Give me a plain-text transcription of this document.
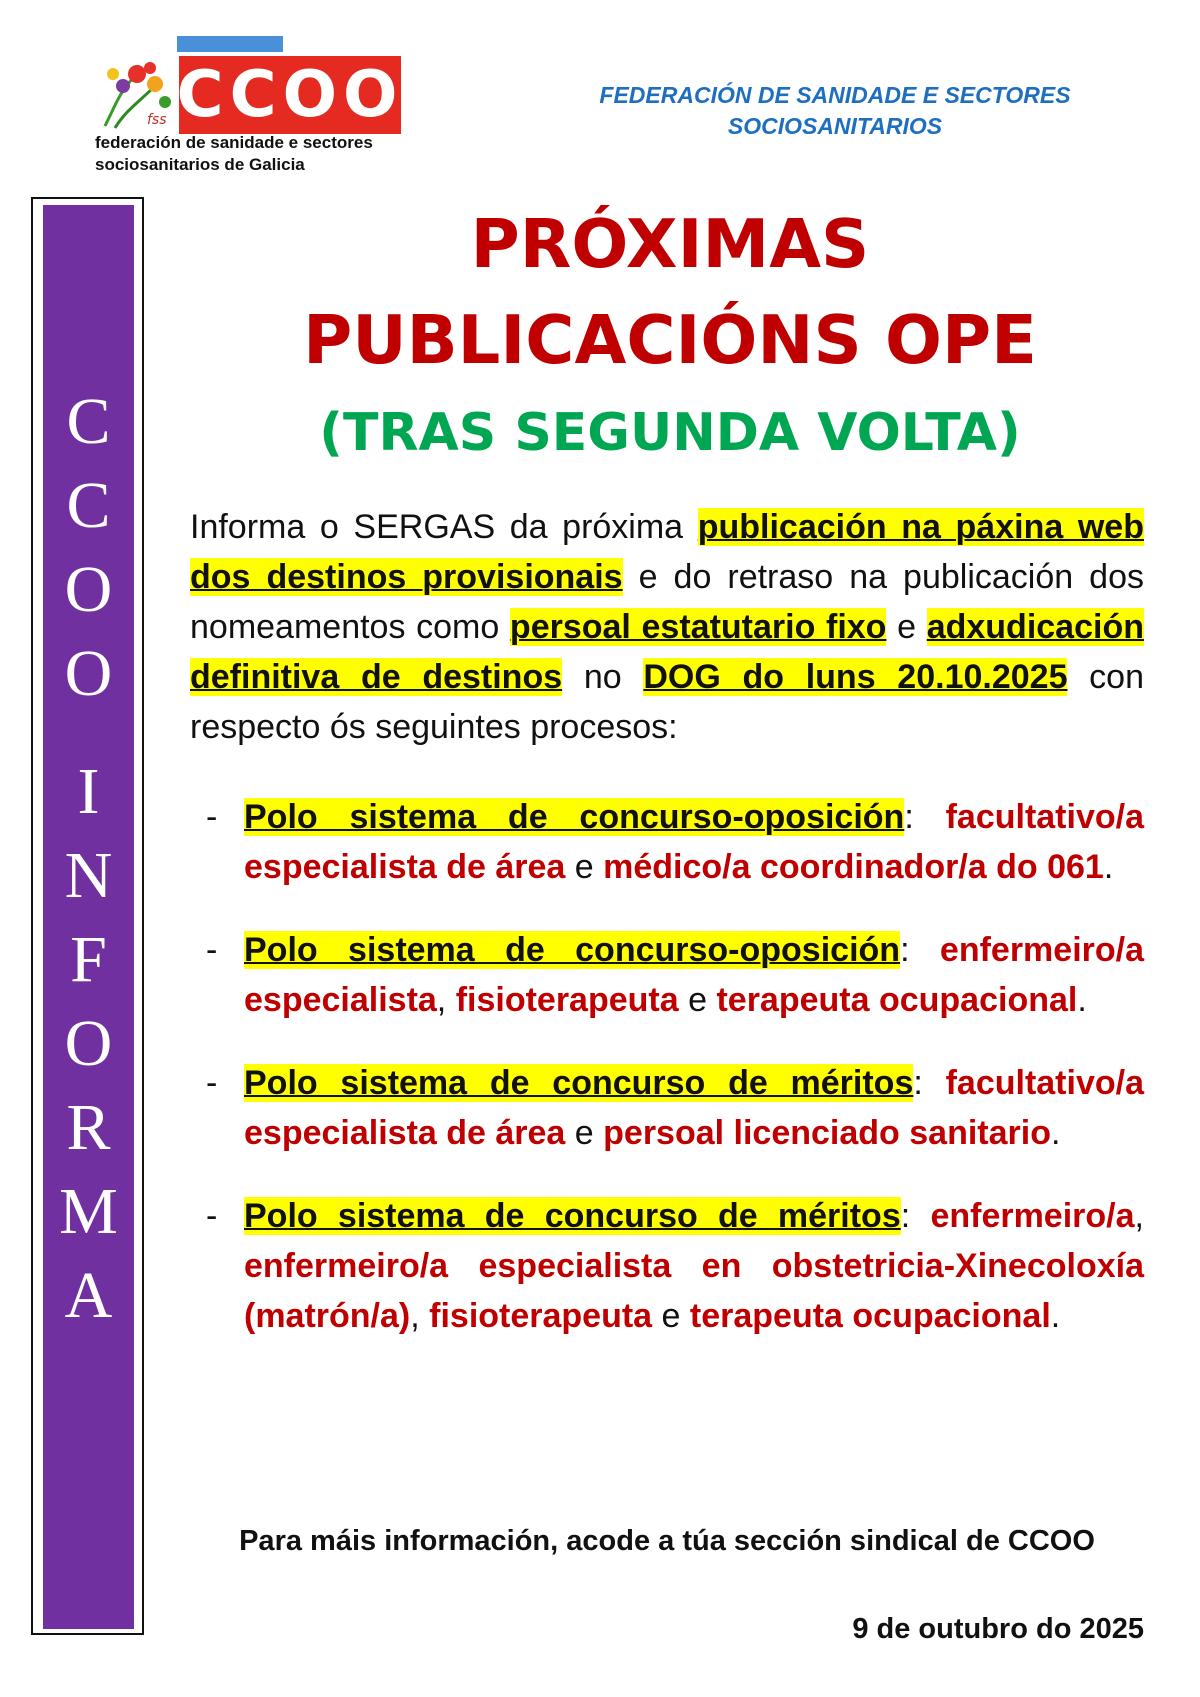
fss CCOO
federación de sanidade e sectores
sociosanitarios de Galicia
FEDERACIÓN DE SANIDADE E SECTORES
SOCIOSANITARIOS
C
C
O
O
I
N
F
O
R
M
A
PRÓXIMAS
PUBLICACIÓNS OPE
(TRAS SEGUNDA VOLTA)
Informa o SERGAS da próxima publicación na páxina web dos destinos provisionais e do retraso na publicación dos nomeamentos como persoal estatutario fixo e adxudicación definitiva de destinos no DOG do luns 20.10.2025 con respecto ós seguintes procesos:
- Polo sistema de concurso-oposición: facultativo/a especialista de área e médico/a coordinador/a do 061.
- Polo sistema de concurso-oposición: enfermeiro/a especialista, fisioterapeuta e terapeuta ocupacional.
- Polo sistema de concurso de méritos: facultativo/a especialista de área e persoal licenciado sanitario.
- Polo sistema de concurso de méritos: enfermeiro/a, enfermeiro/a especialista en obstetricia-Xinecoloxía (matrón/a), fisioterapeuta e terapeuta ocupacional.
Para máis información, acode a túa sección sindical de CCOO
9 de outubro do 2025
